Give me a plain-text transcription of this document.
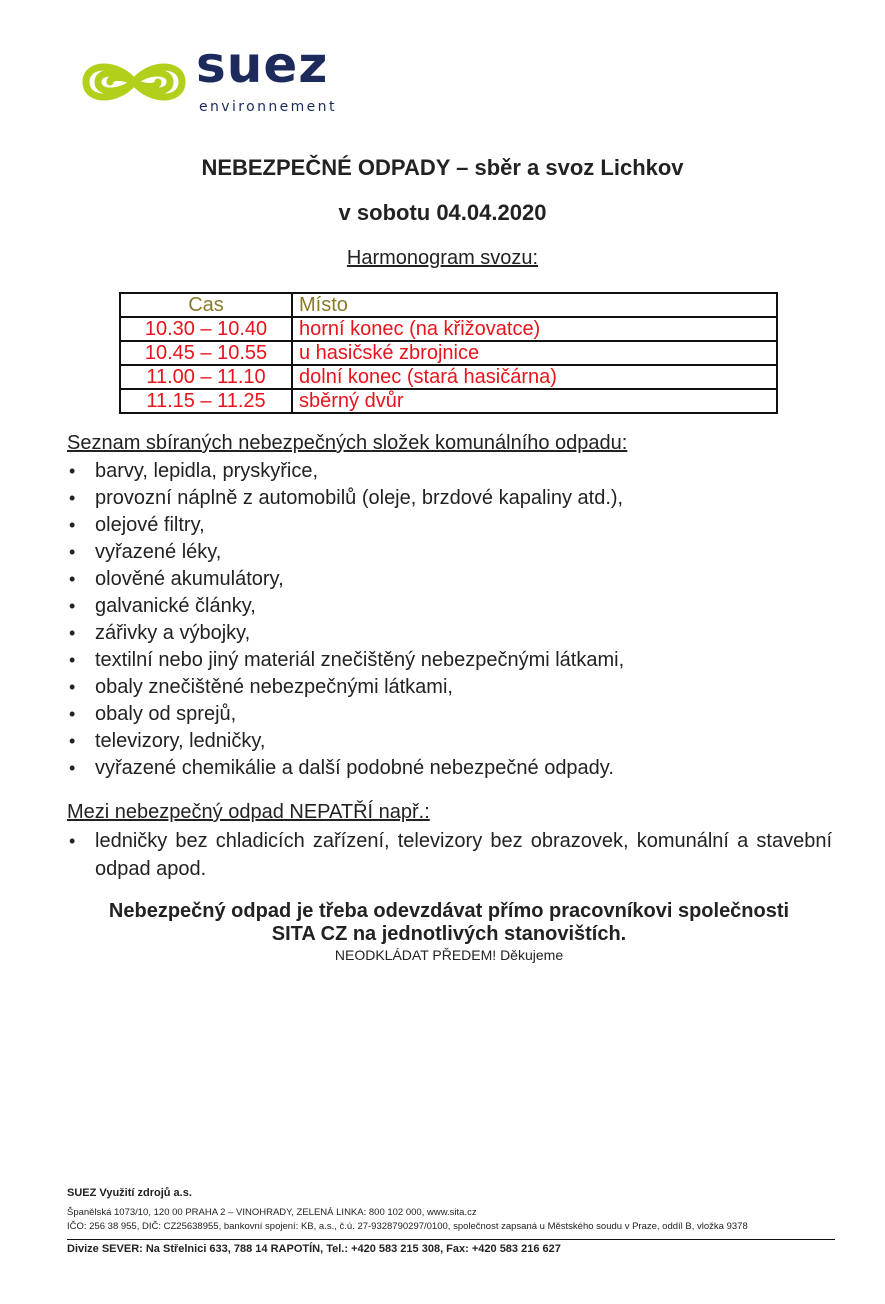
suez
environnement
NEBEZPEČNÉ ODPADY – sběr a svoz Lichkov
v sobotu 04.04.2020
Harmonogram svozu:
Cas	Místo
10.30 – 10.40	horní konec (na křižovatce)
10.45 – 10.55	u hasičské zbrojnice
11.00 – 11.10	dolní konec (stará hasičárna)
11.15 – 11.25	sběrný dvůr
Seznam sbíraných nebezpečných složek komunálního odpadu:
• barvy, lepidla, pryskyřice,
• provozní náplně z automobilů (oleje, brzdové kapaliny atd.),
• olejové filtry,
• vyřazené léky,
• olověné akumulátory,
• galvanické články,
• zářivky a výbojky,
• textilní nebo jiný materiál znečištěný nebezpečnými látkami,
• obaly znečištěné nebezpečnými látkami,
• obaly od sprejů,
• televizory, ledničky,
• vyřazené chemikálie a další podobné nebezpečné odpady.
Mezi nebezpečný odpad NEPATŘÍ např.:
• ledničky bez chladicích zařízení, televizory bez obrazovek, komunální a stavební odpad apod.
Nebezpečný odpad je třeba odevzdávat přímo pracovníkovi společnosti
SITA CZ na jednotlivých stanovištích.
NEODKLÁDAT PŘEDEM! Děkujeme
SUEZ Využití zdrojů a.s.
Španělská 1073/10, 120 00 PRAHA 2 – VINOHRADY, ZELENÁ LINKA: 800 102 000, www.sita.cz
IČO: 256 38 955, DIČ: CZ25638955, bankovní spojení: KB, a.s., č.ú. 27-9328790297/0100, společnost zapsaná u Městského soudu v Praze, oddíl B, vložka 9378
Divize SEVER: Na Střelnici 633, 788 14 RAPOTÍN, Tel.: +420 583 215 308, Fax: +420 583 216 627
